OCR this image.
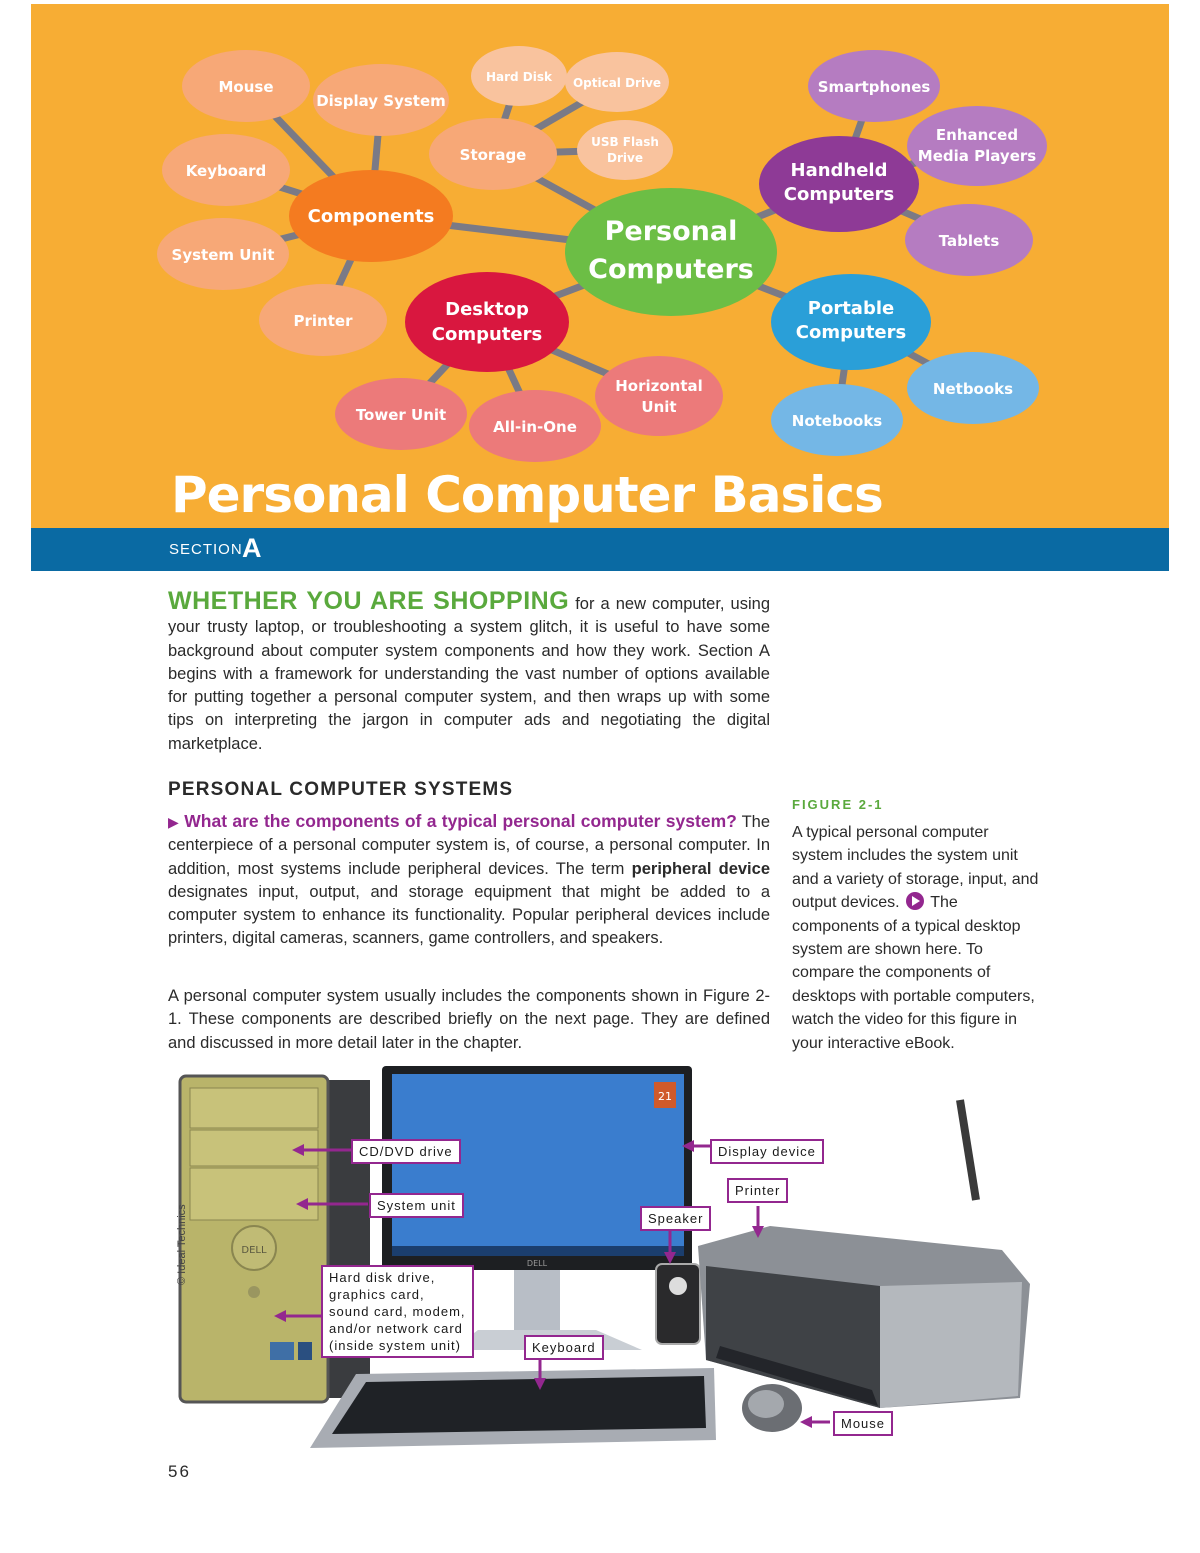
Mouse
Display System
Keyboard
System Unit
Printer
Storage
Hard Disk Optical Drive
USB Flash
Drive
Components
Desktop
Computers
Personal
Computers
Handheld
Computers
Portable
Computers
Tower Unit
All-in-One
Horizontal
Unit
Smartphones
Enhanced
Media Players
Tablets
Netbooks
Notebooks
Personal Computer Basics
SECTION A

WHETHER YOU ARE SHOPPING for a new computer, using your trusty laptop, or troubleshooting a system glitch, it is useful to have some background about computer system components and how they work. Section A begins with a framework for understanding the vast number of options available for putting together a personal computer system, and then wraps up with some tips on interpreting the jargon in computer ads and negotiating the digital marketplace.

PERSONAL COMPUTER SYSTEMS

▶ What are the components of a typical personal computer system? The centerpiece of a personal computer system is, of course, a personal computer. In addition, most systems include peripheral devices. The term peripheral device designates input, output, and storage equipment that might be added to a computer system to enhance its functionality. Popular peripheral devices include printers, digital cameras, scanners, game controllers, and speakers.

A personal computer system usually includes the components shown in Figure 2-1. These components are described briefly on the next page. They are defined and discussed in more detail later in the chapter.

FIGURE 2-1

A typical personal computer system includes the system unit and a variety of storage, input, and output devices.  The components of a typical desktop system are shown here. To compare the components of desktops with portable computers, watch the video for this figure in your interactive eBook.

DELL
21
DELL
CD/DVD drive
System unit
Hard disk drive,
graphics card,
sound card, modem,
and/or network card
(inside system unit)
Display device
Printer
Speaker
Keyboard
Mouse
© Ideal Technics
56
